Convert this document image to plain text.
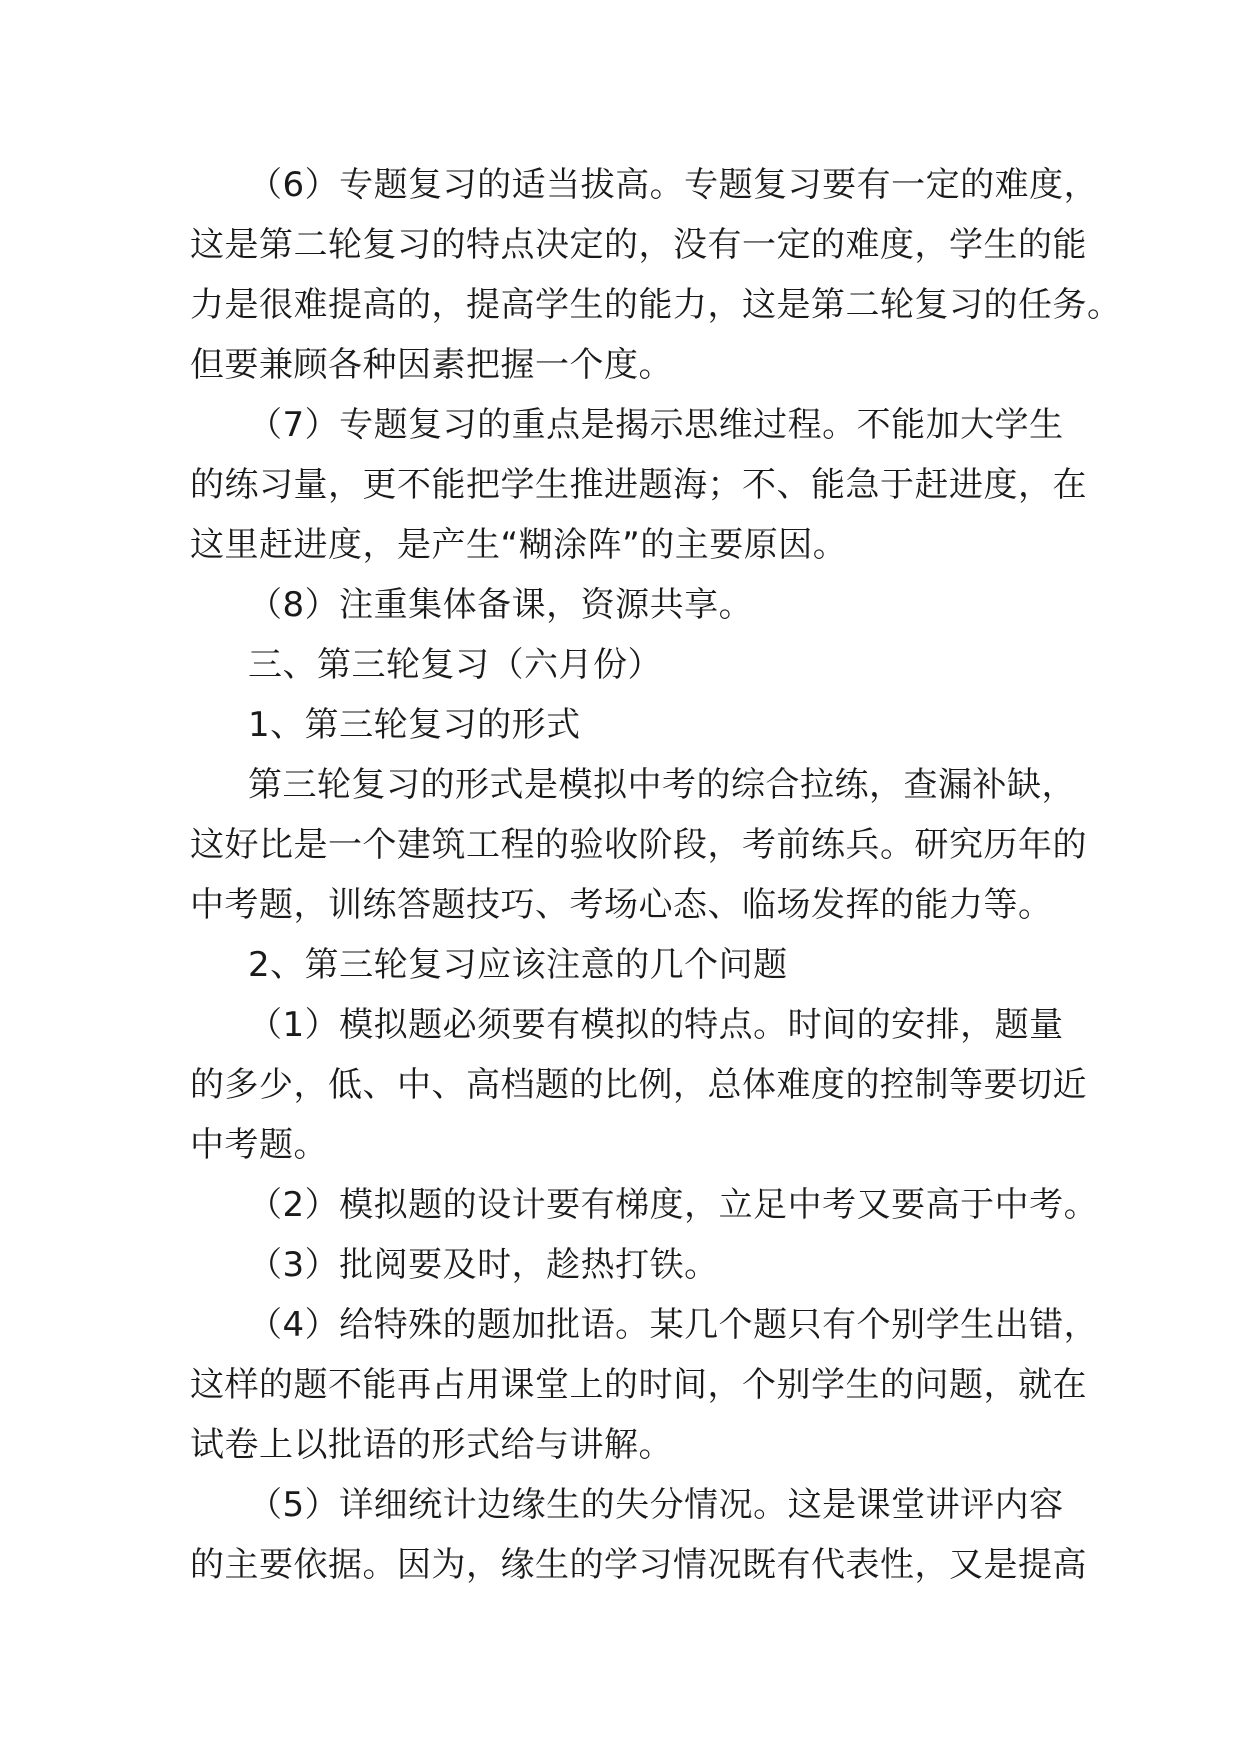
（6）专题复习的适当拔高。专题复习要有一定的难度，
这是第二轮复习的特点决定的，没有一定的难度，学生的能
力是很难提高的，提高学生的能力，这是第二轮复习的任务。
但要兼顾各种因素把握一个度。
（7）专题复习的重点是揭示思维过程。不能加大学生
的练习量，更不能把学生推进题海；不、能急于赶进度，在
这里赶进度，是产生“糊涂阵”的主要原因。
（8）注重集体备课，资源共享。
三、第三轮复习（六月份）
1、第三轮复习的形式
第三轮复习的形式是模拟中考的综合拉练，查漏补缺，
这好比是一个建筑工程的验收阶段，考前练兵。研究历年的
中考题，训练答题技巧、考场心态、临场发挥的能力等。
2、第三轮复习应该注意的几个问题
（1）模拟题必须要有模拟的特点。时间的安排，题量
的多少，低、中、高档题的比例，总体难度的控制等要切近
中考题。
（2）模拟题的设计要有梯度，立足中考又要高于中考。
（3）批阅要及时，趁热打铁。
（4）给特殊的题加批语。某几个题只有个别学生出错，
这样的题不能再占用课堂上的时间，个别学生的问题，就在
试卷上以批语的形式给与讲解。
（5）详细统计边缘生的失分情况。这是课堂讲评内容
的主要依据。因为，缘生的学习情况既有代表性，又是提高
